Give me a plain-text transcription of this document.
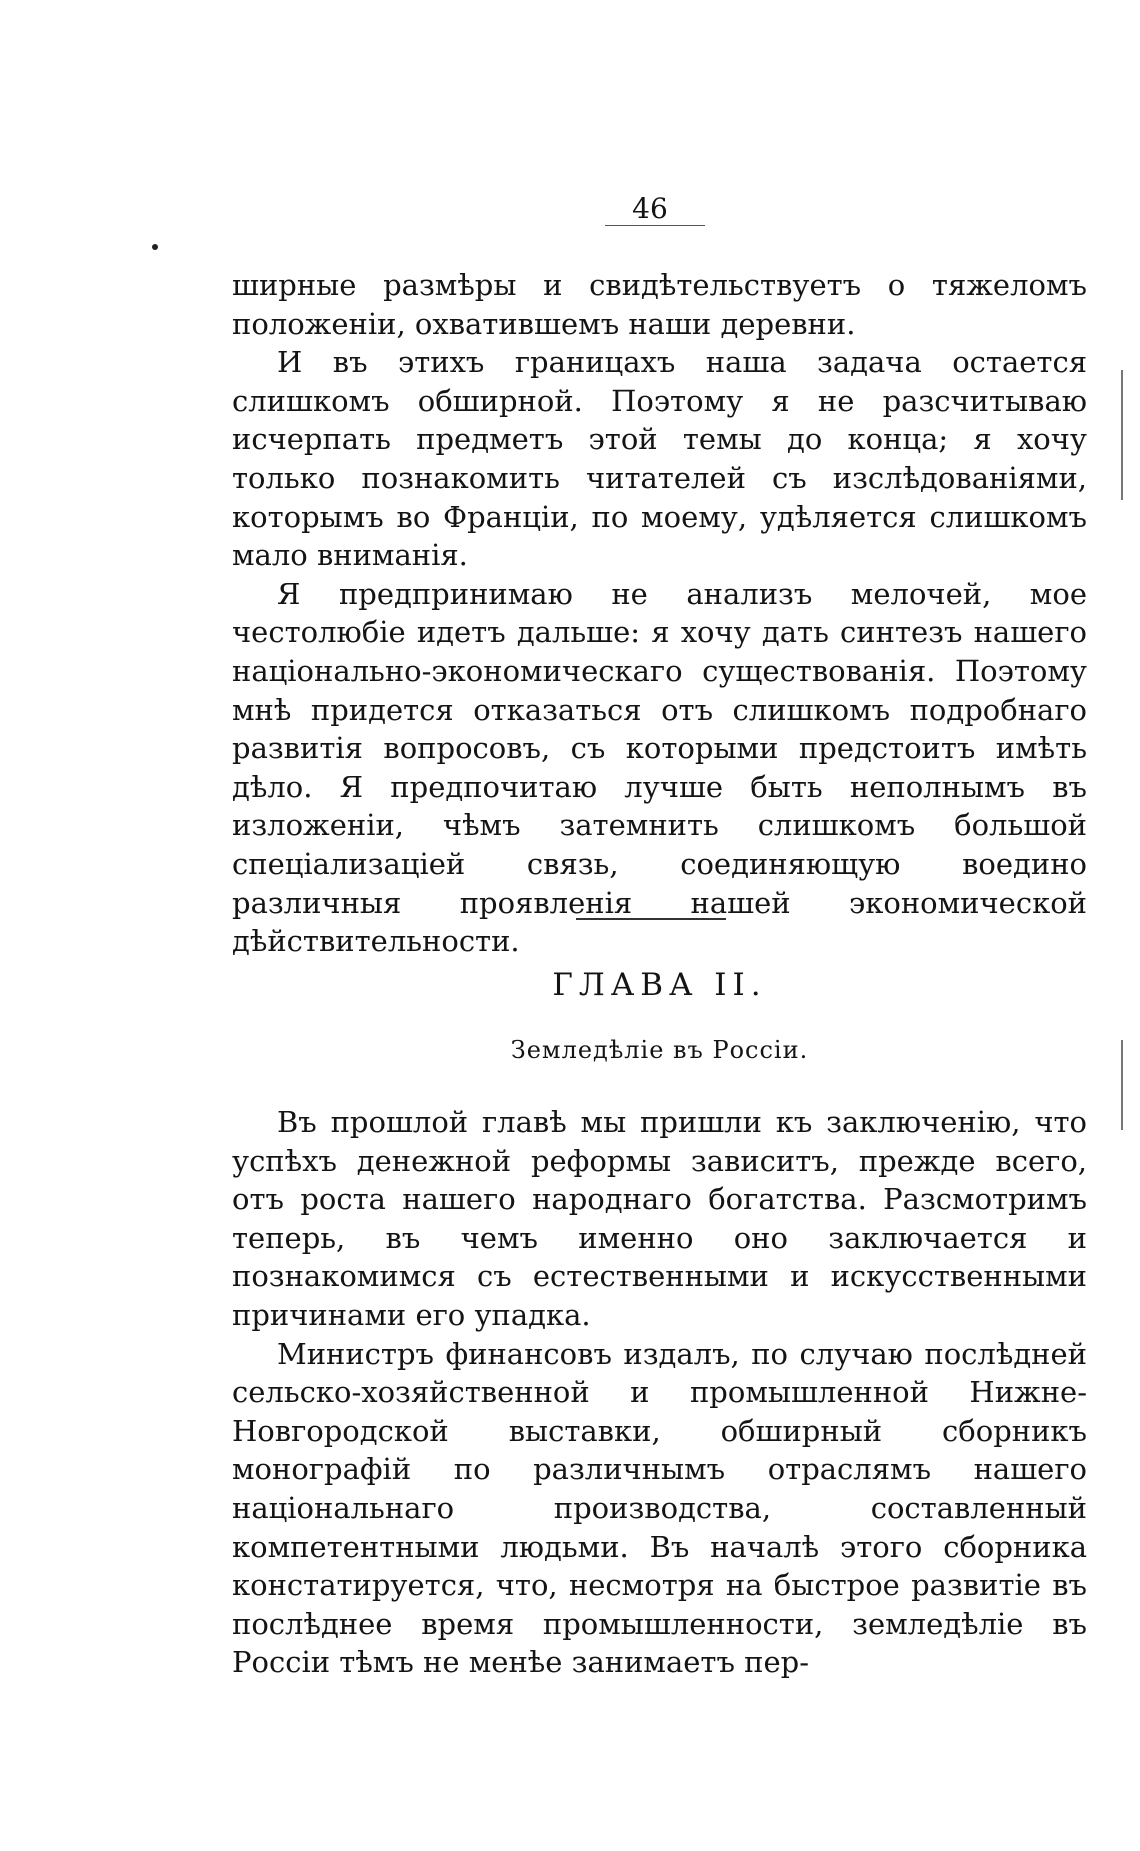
46

ширные размѣры и свидѣтельствуетъ о тяжеломъ положеніи, охватившемъ наши деревни.

И въ этихъ границахъ наша задача остается слишкомъ обширной. Поэтому я не разсчитываю исчерпать предметъ этой темы до конца; я хочу только познакомить читателей съ изслѣдованіями, которымъ во Франціи, по моему, удѣляется слишкомъ мало вниманія.

Я предпринимаю не анализъ мелочей, мое честолюбіе идетъ дальше: я хочу дать синтезъ нашего національно-экономическаго существованія. Поэтому мнѣ придется отказаться отъ слишкомъ подробнаго развитія вопросовъ, съ которыми предстоитъ имѣть дѣло. Я предпочитаю лучше быть неполнымъ въ изложеніи, чѣмъ затемнить слишкомъ большой спеціализаціей связь, соединяющую воедино различныя проявленія нашей экономической дѣйствительности.

ГЛАВА II.
Земледѣліе въ Россіи.

Въ прошлой главѣ мы пришли къ заключенію, что успѣхъ денежной реформы зависитъ, прежде всего, отъ роста нашего народнаго богатства. Разсмотримъ теперь, въ чемъ именно оно заключается и познакомимся съ естественными и искусственными причинами его упадка.

Министръ финансовъ издалъ, по случаю послѣдней сельско-хозяйственной и промышленной Нижне-Новгородской выставки, обширный сборникъ монографій по различнымъ отраслямъ нашего національнаго производства, составленный компетентными людьми. Въ началѣ этого сборника констатируется, что, несмотря на быстрое развитіе въ послѣднее время промышленности, земледѣліе въ Россіи тѣмъ не менѣе занимаетъ пер-
